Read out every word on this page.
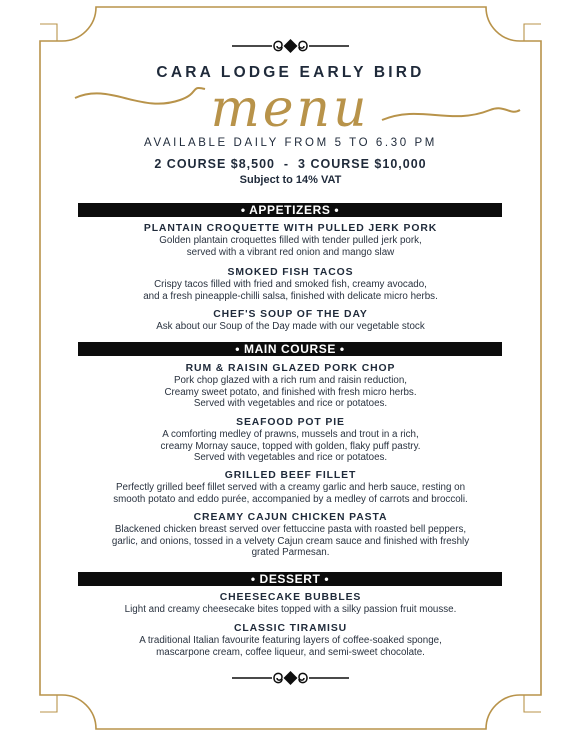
CARA LODGE EARLY BIRD
menu
AVAILABLE DAILY FROM 5 TO 6.30 PM
2 COURSE $8,500  -  3 COURSE $10,000
Subject to 14% VAT
• APPETIZERS •
PLANTAIN CROQUETTE WITH PULLED JERK PORK
Golden plantain croquettes filled with tender pulled jerk pork,
served with a vibrant red onion and mango slaw
SMOKED FISH TACOS
Crispy tacos filled with fried and smoked fish, creamy avocado,
and a fresh pineapple-chilli salsa, finished with delicate micro herbs.
CHEF'S SOUP OF THE DAY
Ask about our Soup of the Day made with our vegetable stock
• MAIN COURSE •
RUM & RAISIN GLAZED PORK CHOP
Pork chop glazed with a rich rum and raisin reduction,
Creamy sweet potato, and finished with fresh micro herbs.
Served with vegetables and rice or potatoes.
SEAFOOD POT PIE
A comforting medley of prawns, mussels and trout in a rich,
creamy Mornay sauce, topped with golden, flaky puff pastry.
Served with vegetables and rice or potatoes.
GRILLED BEEF FILLET
Perfectly grilled beef fillet served with a creamy garlic and herb sauce, resting on
smooth potato and eddo purée, accompanied by a medley of carrots and broccoli.
CREAMY CAJUN CHICKEN PASTA
Blackened chicken breast served over fettuccine pasta with roasted bell peppers,
garlic, and onions, tossed in a velvety Cajun cream sauce and finished with freshly
grated Parmesan.
• DESSERT •
CHEESECAKE BUBBLES
Light and creamy cheesecake bites topped with a silky passion fruit mousse.
CLASSIC TIRAMISU
A traditional Italian favourite featuring layers of coffee-soaked sponge,
mascarpone cream, coffee liqueur, and semi-sweet chocolate.
